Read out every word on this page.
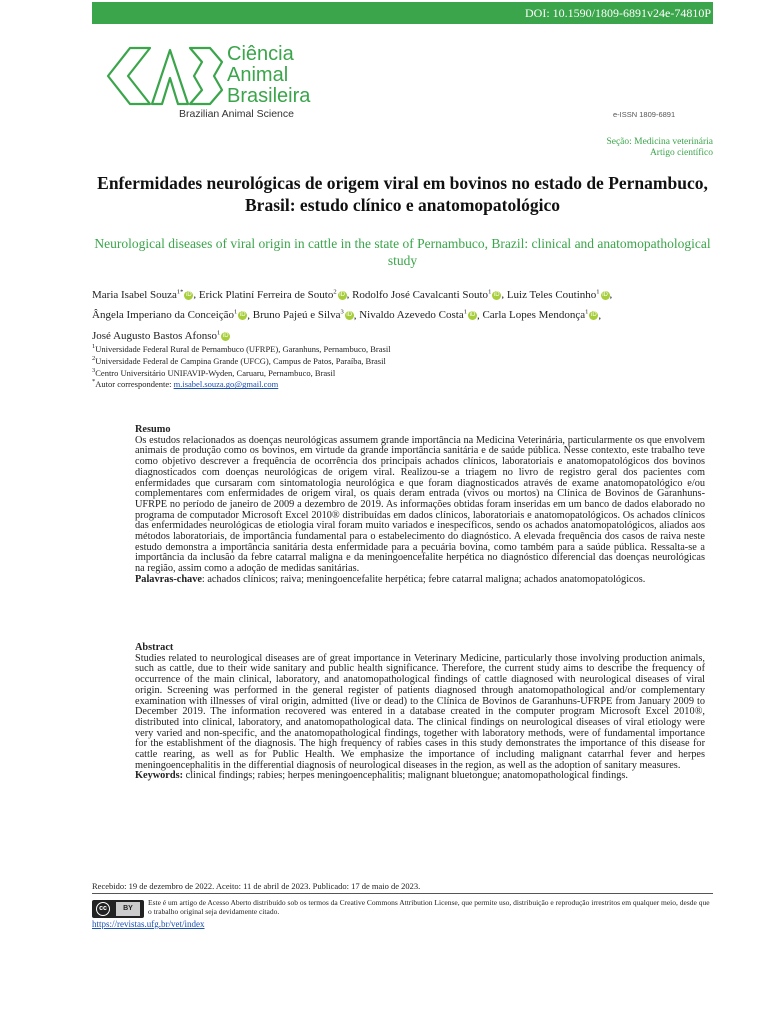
DOI: 10.1590/1809-6891v24e-74810P
Ciência
Animal
Brasileira
Brazilian Animal Science	e-ISSN 1809-6891
Seção: Medicina veterinária
Artigo científico
Enfermidades neurológicas de origem viral em bovinos no estado de Pernambuco, Brasil: estudo clínico e anatomopatológico
Neurological diseases of viral origin in cattle in the state of Pernambuco, Brazil: clinical and anatomopathological study
Maria Isabel Souza$^{1*}$ iD , Erick Platiní Ferreira de Souto$^2$ iD , Rodolfo José Cavalcanti Souto$^1$ iD , Luiz Teles Coutinho$^1$ iD , Ângela Imperiano da Conceição$^1$ iD , Bruno Pajeú e Silva$^3$ iD , Nivaldo Azevedo Costa$^1$ iD , Carla Lopes Mendonça$^1$ iD , José Augusto Bastos Afonso$^1$ iD
$^1$Universidade Federal Rural de Pernambuco (UFRPE), Garanhuns, Pernambuco, Brasil
$^2$Universidade Federal de Campina Grande (UFCG), Campus de Patos, Paraíba, Brasil
$^3$Centro Universitário UNIFAVIP-Wyden, Caruaru, Pernambuco, Brasil
*Autor correspondente: m.isabel.souza.go@gmail.com
Resumo
Os estudos relacionados as doenças neurológicas assumem grande importância na Medicina Veterinária, particularmente os que envolvem animais de produção como os bovinos, em virtude da grande importância sanitária e de saúde pública. Nesse contexto, este trabalho teve como objetivo descrever a frequência de ocorrência dos principais achados clínicos, laboratoriais e anatomopatológicos dos bovinos diagnosticados com doenças neurológicas de origem viral. Realizou-se a triagem no livro de registro geral dos pacientes com enfermidades que cursaram com sintomatologia neurológica e que foram diagnosticados através de exame anatomopatológico e/ou complementares com enfermidades de origem viral, os quais deram entrada (vivos ou mortos) na Clínica de Bovinos de Garanhuns-UFRPE no período de janeiro de 2009 a dezembro de 2019. As informações obtidas foram inseridas em um banco de dados elaborado no programa de computador Microsoft Excel 2010® distribuídas em dados clínicos, laboratoriais e anatomopatológicos. Os achados clínicos das enfermidades neurológicas de etiologia viral foram muito variados e inespecíficos, sendo os achados anatomopatológicos, aliados aos métodos laboratoriais, de importância fundamental para o estabelecimento do diagnóstico. A elevada frequência dos casos de raiva neste estudo demonstra a importância sanitária desta enfermidade para a pecuária bovina, como também para a saúde pública. Ressalta-se a importância da inclusão da febre catarral maligna e da meningoencefalite herpética no diagnóstico diferencial das doenças neurológicas na região, assim como a adoção de medidas sanitárias.
Palavras-chave: achados clínicos; raiva; meningoencefalite herpética; febre catarral maligna; achados anatomopatológicos.
Abstract
Studies related to neurological diseases are of great importance in Veterinary Medicine, particularly those involving production animals, such as cattle, due to their wide sanitary and public health significance. Therefore, the current study aims to describe the frequency of occurrence of the main clinical, laboratory, and anatomopathological findings of cattle diagnosed with neurological diseases of viral origin. Screening was performed in the general register of patients diagnosed through anatomopathological and/or complementary examination with illnesses of viral origin, admitted (live or dead) to the Clínica de Bovinos de Garanhuns-UFRPE from January 2009 to December 2019. The information recovered was entered in a database created in the computer program Microsoft Excel 2010®, distributed into clinical, laboratory, and anatomopathological data. The clinical findings on neurological diseases of viral etiology were very varied and non-specific, and the anatomopathological findings, together with laboratory methods, were of fundamental importance for the establishment of the diagnosis. The high frequency of rabies cases in this study demonstrates the importance of this disease for cattle rearing, as well as for Public Health. We emphasize the importance of including malignant catarrhal fever and herpes meningoencephalitis in the differential diagnosis of neurological diseases in the region, as well as the adoption of sanitary measures.
Keywords: clinical findings; rabies; herpes meningoencephalitis; malignant bluetongue; anatomopathological findings.
Recebido: 19 de dezembro de 2022. Aceito: 11 de abril de 2023. Publicado: 17 de maio de 2023.
cc	BY
Este é um artigo de Acesso Aberto distribuído sob os termos da Creative Commons Attribution License, que permite uso, distribuição e reprodução irrestritos em qualquer meio, desde que o trabalho original seja devidamente citado.
https://revistas.ufg.br/vet/index
